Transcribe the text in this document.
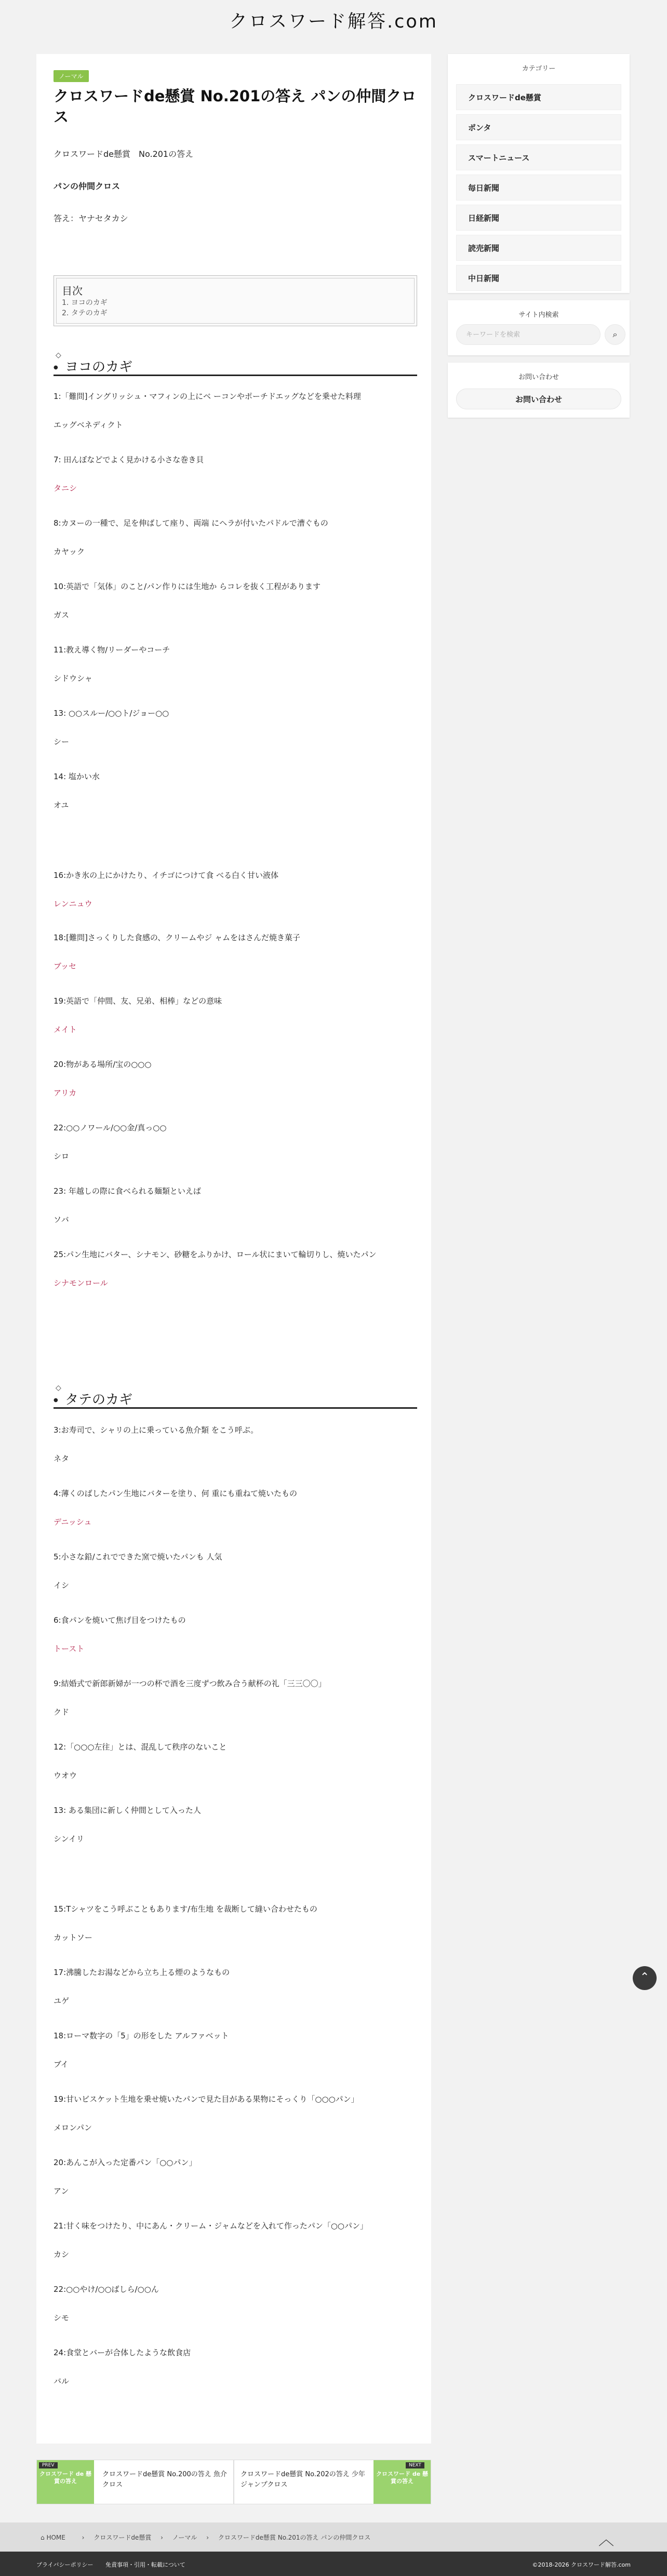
クロスワード解答.com
ノーマル
クロスワードde懸賞 No.201の答え パンの仲間クロス
クロスワードde懸賞　No.201の答え
パンの仲間クロス
答え：ヤナセタカシ
目次
1. ヨコのカギ
2. タテのカギ
◇
● ヨコのカギ
1:「難問]イングリッシュ・マフィンの上にベ ーコンやポーチドエッグなどを乗せた料理
エッグベネディクト
7: 田んぼなどでよく見かける小さな巻き貝
タニシ
8:カヌーの一種で、足を伸ばして座り、両端 にヘラが付いたパドルで漕ぐもの
カヤック
10:英語で「気体」のこと/パン作りには生地か らコレを抜く工程があります
ガス
11:教え導く物/リーダーやコーチ
シドウシャ
13: ○○スルー/○○ト/ジョー○○
シー
14: 塩かい水
オユ
16:かき氷の上にかけたり、イチゴにつけて食 べる白く甘い液体
レンニュウ
18:[難問]さっくりした食感の、クリームやジ ャムをはさんだ焼き菓子
ブッセ
19:英語で「仲間、友、兄弟、相棒」などの意味
メイト
20:物がある場所/宝の○○○
アリカ
22:○○ノワール/○○金/真っ○○
シロ
23: 年越しの際に食べられる麺類といえば
ソバ
25:パン生地にバター、シナモン、砂糖をふりかけ、ロール状にまいて輪切りし、焼いたパン
シナモンロール
◇
● タテのカギ
3:お寿司で、シャリの上に乗っている魚介類 をこう呼ぶ。
ネタ
4:薄くのばしたパン生地にバターを塗り、何 重にも重ねて焼いたもの
デニッシュ
5:小さな鉛/これでできた窯で焼いたパンも 人気
イシ
6:食パンを焼いて焦げ目をつけたもの
トースト
9:結婚式で新郎新婦が一つの杯で酒を三度ずつ飲み合う献杯の礼「三三〇〇」
クド
12:「○○○左往」とは、混乱して秩序のないこと
ウオウ
13: ある集団に新しく仲間として入った人
シンイリ
15:Tシャツをこう呼ぶこともあります/布生地 を裁断して縫い合わせたもの
カットソー
17:沸騰したお湯などから立ち上る煙のようなもの
ユゲ
18:ローマ数字の「5」の形をした アルファベット
ブイ
19:甘いビスケット生地を乗せ焼いたパンで見た目がある果物にそっくり「○○○パン」
メロンパン
20:あんこが入った定番パン「○○パン」
アン
21:甘く味をつけたり、中にあん・クリーム・ジャムなどを入れて作ったパン「○○パン」
カシ
22:○○やけ/○○ばしら/○○ん
シモ
24:食堂とバーが合体したような飲食店
バル
クロスワード de 懸賞の答え
PREV
クロスワードde懸賞 No.200の答え 魚介クロス
クロスワード de 懸賞の答え
NEXT
クロスワードde懸賞 No.202の答え 少年ジャンプクロス
カテゴリー
クロスワードde懸賞
ポンタ
スマートニュース
毎日新聞
日経新聞
読売新聞
中日新聞
サイト内検索
キーワードを検索	⌕
お問い合わせ
お問い合わせ
⌃
⌂ HOME	› クロスワードde懸賞 › ノーマル › クロスワードde懸賞 No.201の答え パンの仲間クロス	︿
プライバシーポリシー 免責事項・引用・転載について	©2018-2026 クロスワード解答.com
